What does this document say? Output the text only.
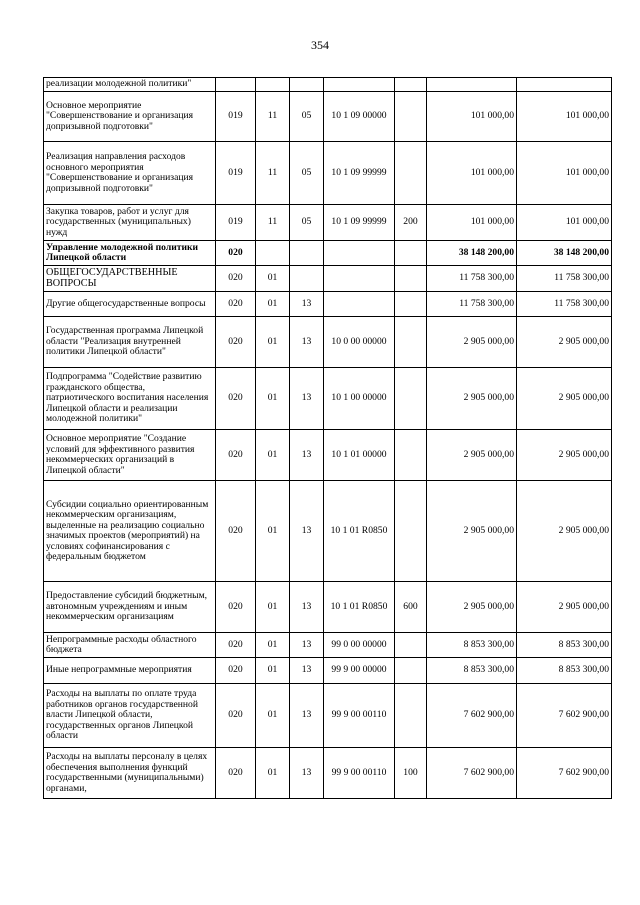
354
реализации молодежной политики"							
Основное мероприятие "Совершенствование и организация допризывной подготовки"	019	11	05	10 1 09 00000		101 000,00	101 000,00
Реализация направления расходов основного мероприятия "Совершенствование и организация допризывной подготовки"	019	11	05	10 1 09 99999		101 000,00	101 000,00
Закупка товаров, работ и услуг для государственных (муниципальных) нужд	019	11	05	10 1 09 99999	200	101 000,00	101 000,00
Управление молодежной политики Липецкой области	020					38 148 200,00	38 148 200,00
ОБЩЕГОСУДАРСТВЕННЫЕ ВОПРОСЫ	020	01				11 758 300,00	11 758 300,00
Другие общегосударственные вопросы	020	01	13			11 758 300,00	11 758 300,00
Государственная программа Липецкой области "Реализация внутренней политики Липецкой области"	020	01	13	10 0 00 00000		2 905 000,00	2 905 000,00
Подпрограмма "Содействие развитию гражданского общества, патриотического воспитания населения Липецкой области и реализации молодежной политики"	020	01	13	10 1 00 00000		2 905 000,00	2 905 000,00
Основное мероприятие "Создание условий для эффективного развития некоммерческих организаций в Липецкой области"	020	01	13	10 1 01 00000		2 905 000,00	2 905 000,00
Субсидии социально ориентированным некоммерческим организациям, выделенные на реализацию социально значимых проектов (мероприятий) на условиях софинансирования с федеральным бюджетом	020	01	13	10 1 01 R0850		2 905 000,00	2 905 000,00
Предоставление субсидий бюджетным, автономным учреждениям и иным некоммерческим организациям	020	01	13	10 1 01 R0850	600	2 905 000,00	2 905 000,00
Непрограммные расходы областного бюджета	020	01	13	99 0 00 00000		8 853 300,00	8 853 300,00
Иные непрограммные мероприятия	020	01	13	99 9 00 00000		8 853 300,00	8 853 300,00
Расходы на выплаты по оплате труда работников органов государственной власти Липецкой области, государственных органов Липецкой области	020	01	13	99 9 00 00110		7 602 900,00	7 602 900,00
Расходы на выплаты персоналу в целях обеспечения выполнения функций государственными (муниципальными) органами,	020	01	13	99 9 00 00110	100	7 602 900,00	7 602 900,00
